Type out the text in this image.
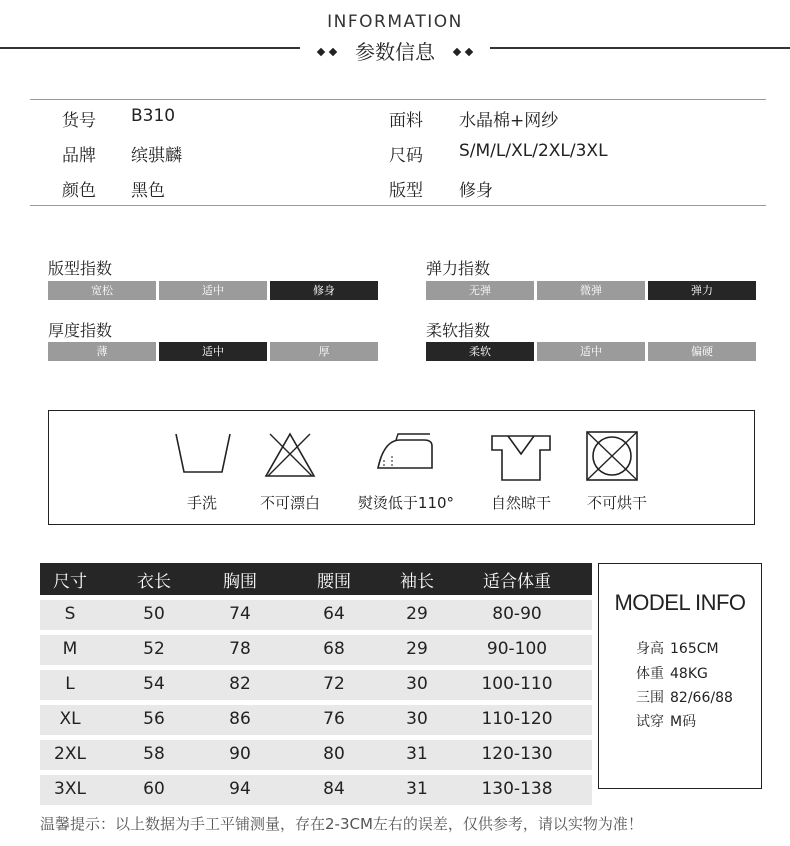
INFORMATION
参数信息
货号 B310	面料 水晶棉+网纱
品牌 缤骐麟	尺码 S/M/L/XL/2XL/3XL
颜色 黑色	版型 修身
版型指数
宽松	适中	修身
弹力指数
无弹	微弹	弹力
厚度指数
薄	适中	厚
柔软指数
柔软	适中	偏硬
手洗	不可漂白	熨烫低于110°	自然晾干	不可烘干
尺寸	衣长	胸围	腰围	袖长	适合体重
S	50	74	64	29	80-90
M	52	78	68	29	90-100
L	54	82	72	30	100-110
XL	56	86	76	30	110-120
2XL	58	90	80	31	120-130
3XL	60	94	84	31	130-138
MODEL INFO
身高 165CM
体重 48KG
三围 82/66/88
试穿 M码
温馨提示：以上数据为手工平铺测量，存在2-3CM左右的误差，仅供参考，请以实物为准！
